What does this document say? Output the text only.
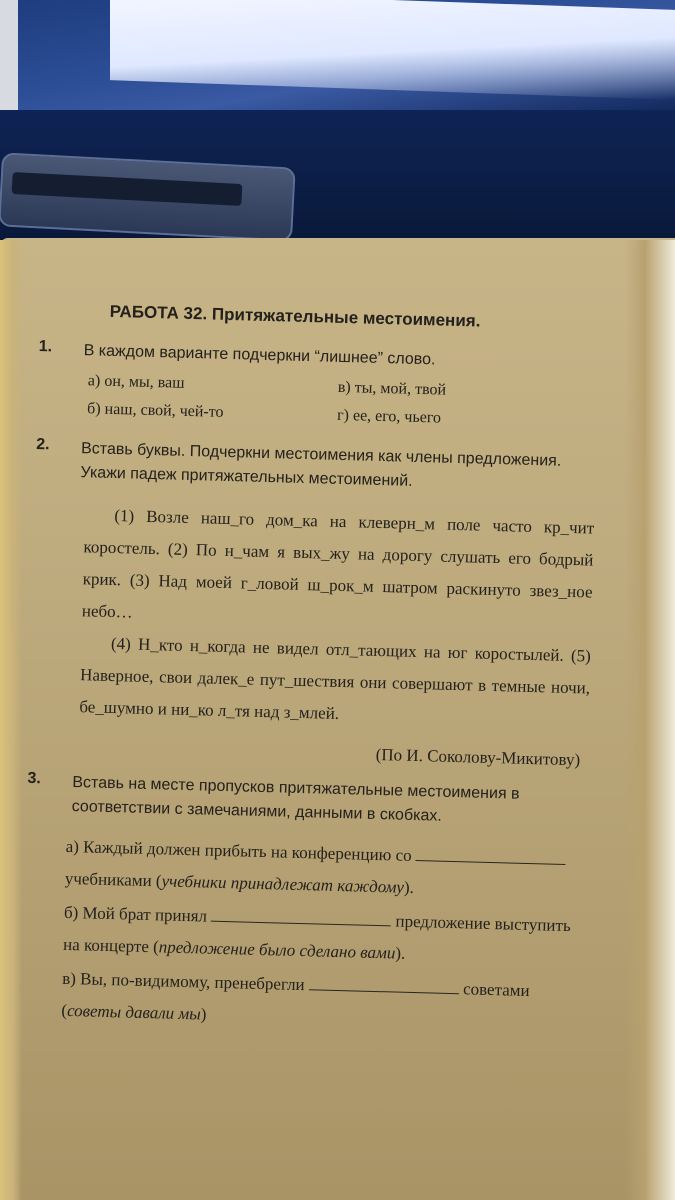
РАБОТА 32. Притяжательные местоимения.
1. В каждом варианте подчеркни “лишнее” слово.
а) он, мы, ваш	в) ты, мой, твой
б) наш, свой, чей-то	г) ее, его, чьего
2. Вставь буквы. Подчеркни местоимения как члены предложения. Укажи падеж притяжательных местоимений.

(1) Возле наш_го дом_ка на клеверн_м поле часто кр_чит коростель. (2) По н_чам я вых_жу на дорогу слушать его бодрый крик. (3) Над моей г_ловой ш_рок_м шатром раскинуто звез_ное небо…

(4) Н_кто н_когда не видел отл_тающих на юг коростылей. (5) Наверное, свои далек_е пут_шествия они совершают в темные ночи, бе_шумно и ни_ко л_тя над з_млей.

(По И. Соколову-Микитову)
3. Вставь на месте пропусков притяжательные местоимения в соответствии с замечаниями, данными в скобках.
а) Каждый должен прибыть на конференцию со  учебниками (учебники принадлежат каждому).
б) Мой брат принял	предложение выступить на концерте (предложение было сделано вами).
в) Вы, по-видимому, пренебрегли	советами (советы давали мы)
